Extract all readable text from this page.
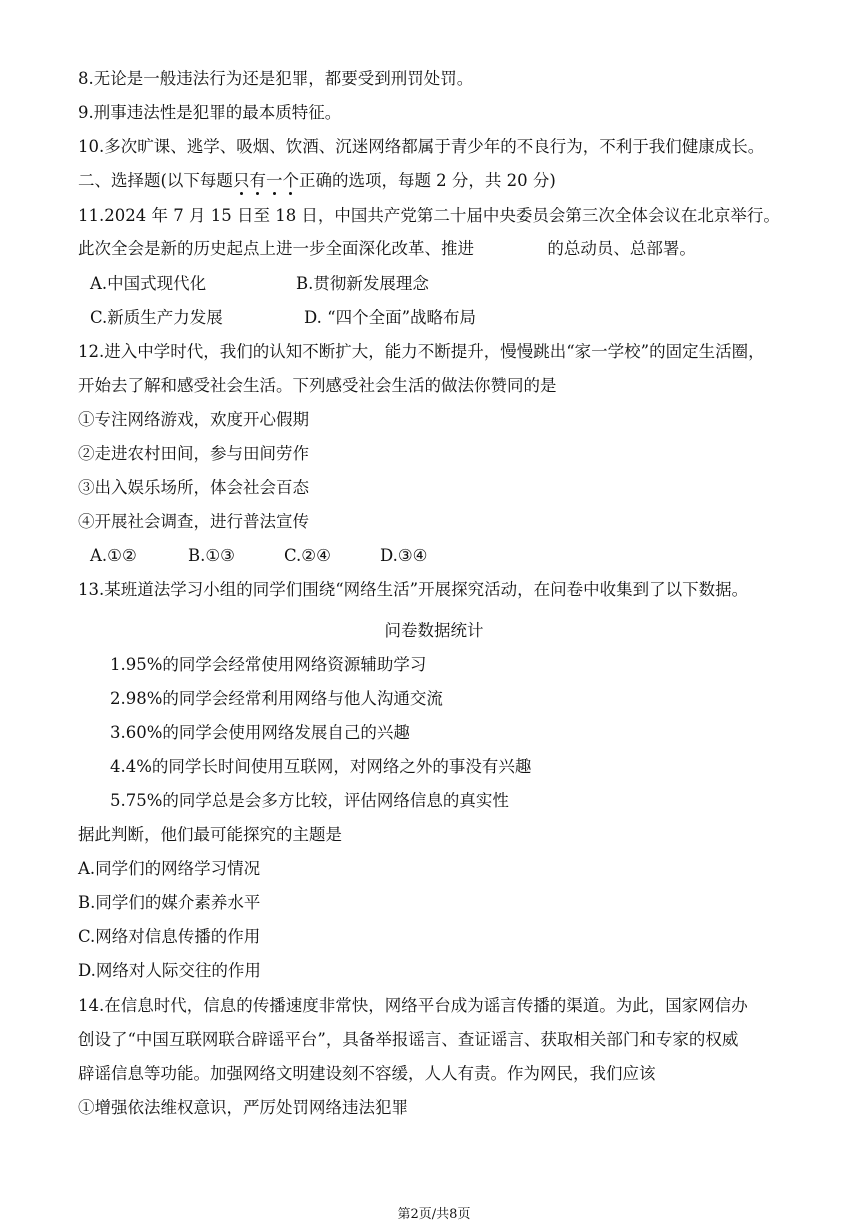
8.无论是一般违法行为还是犯罪，都要受到刑罚处罚。
9.刑事违法性是犯罪的最本质特征。
10.多次旷课、逃学、吸烟、饮酒、沉迷网络都属于青少年的不良行为，不利于我们健康成长。
二、选择题(以下每题只有一个正确的选项，每题 2 分，共 20 分)
11.2024 年 7 月 15 日至 18 日，中国共产党第二十届中央委员会第三次全体会议在北京举行。
此次全会是新的历史起点上进一步全面深化改革、推进              的总动员、总部署。
A.中国式现代化	B.贯彻新发展理念
C.新质生产力发展	D. “四个全面”战略布局
12.进入中学时代，我们的认知不断扩大，能力不断提升，慢慢跳出“家一学校”的固定生活圈，
开始去了解和感受社会生活。下列感受社会生活的做法你赞同的是
①专注网络游戏，欢度开心假期
②走进农村田间，参与田间劳作
③出入娱乐场所，体会社会百态
④开展社会调查，进行普法宣传
A.①②	B.①③	C.②④	D.③④
13.某班道法学习小组的同学们围绕“网络生活”开展探究活动，在问卷中收集到了以下数据。
问卷数据统计
1.95%的同学会经常使用网络资源辅助学习
2.98%的同学会经常利用网络与他人沟通交流
3.60%的同学会使用网络发展自己的兴趣
4.4%的同学长时间使用互联网，对网络之外的事没有兴趣
5.75%的同学总是会多方比较，评估网络信息的真实性
据此判断，他们最可能探究的主题是
A.同学们的网络学习情况
B.同学们的媒介素养水平
C.网络对信息传播的作用
D.网络对人际交往的作用
14.在信息时代，信息的传播速度非常快，网络平台成为谣言传播的渠道。为此，国家网信办
创设了“中国互联网联合辟谣平台”，具备举报谣言、查证谣言、获取相关部门和专家的权威
辟谣信息等功能。加强网络文明建设刻不容缓，人人有责。作为网民，我们应该
①增强依法维权意识，严厉处罚网络违法犯罪
第2页/共8页
